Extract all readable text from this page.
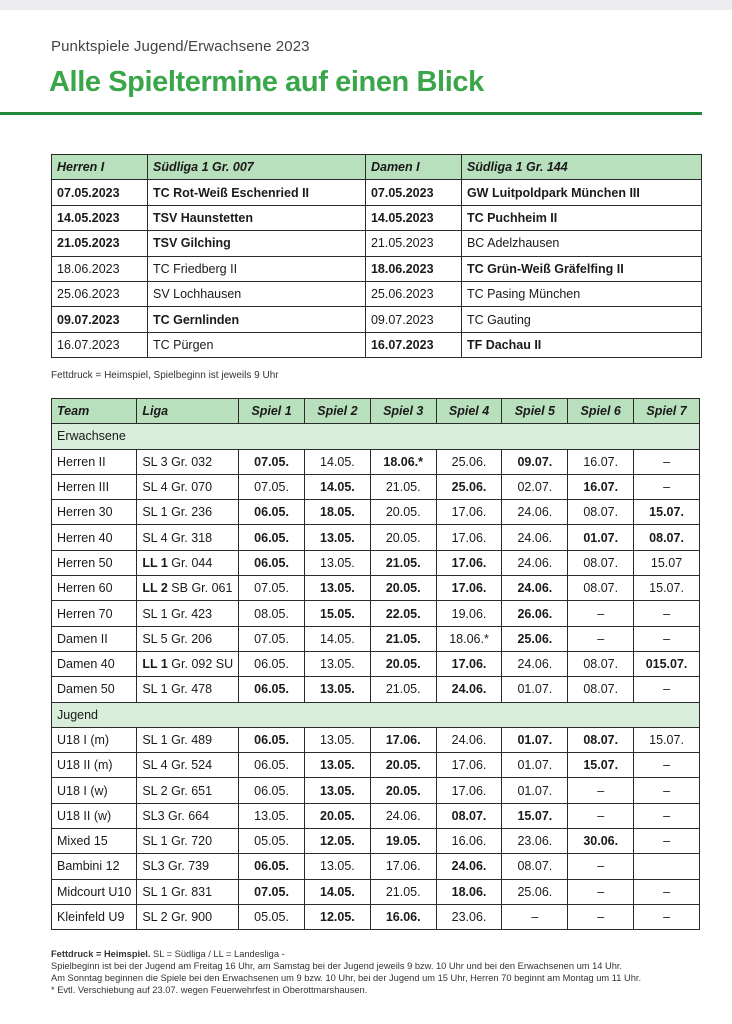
Punktspiele Jugend/Erwachsene 2023
Alle Spieltermine auf einen Blick
Herren I	Südliga 1 Gr. 007	Damen I	Südliga 1 Gr. 144
07.05.2023	TC Rot-Weiß Eschenried II	07.05.2023	GW Luitpoldpark München III
14.05.2023	TSV Haunstetten	14.05.2023	TC Puchheim II
21.05.2023	TSV Gilching	21.05.2023	BC Adelzhausen
18.06.2023	TC Friedberg II	18.06.2023	TC Grün-Weiß Gräfelfing II
25.06.2023	SV Lochhausen	25.06.2023	TC Pasing München
09.07.2023	TC Gernlinden	09.07.2023	TC Gauting
16.07.2023	TC Pürgen	16.07.2023	TF Dachau II
Fettdruck = Heimspiel, Spielbeginn ist jeweils 9 Uhr
Team	Liga	Spiel 1	Spiel 2	Spiel 3	Spiel 4	Spiel 5	Spiel 6	Spiel 7
Erwachsene								
Herren II	SL 3 Gr. 032	07.05.	14.05.	18.06.*	25.06.	09.07.	16.07.	–
Herren III	SL 4 Gr. 070	07.05.	14.05.	21.05.	25.06.	02.07.	16.07.	–
Herren 30	SL 1 Gr. 236	06.05.	18.05.	20.05.	17.06.	24.06.	08.07.	15.07.
Herren 40	SL 4 Gr. 318	06.05.	13.05.	20.05.	17.06.	24.06.	01.07.	08.07.
Herren 50	LL 1 Gr. 044	06.05.	13.05.	21.05.	17.06.	24.06.	08.07.	15.07
Herren 60	LL 2 SB Gr. 061	07.05.	13.05.	20.05.	17.06.	24.06.	08.07.	15.07.
Herren 70	SL 1 Gr. 423	08.05.	15.05.	22.05.	19.06.	26.06.	–	–
Damen II	SL 5 Gr. 206	07.05.	14.05.	21.05.	18.06.*	25.06.	–	–
Damen 40	LL 1 Gr. 092 SU	06.05.	13.05.	20.05.	17.06.	24.06.	08.07.	015.07.
Damen 50	SL 1 Gr. 478	06.05.	13.05.	21.05.	24.06.	01.07.	08.07.	–
Jugend								
U18 I (m)	SL 1 Gr. 489	06.05.	13.05.	17.06.	24.06.	01.07.	08.07.	15.07.
U18 II (m)	SL 4 Gr. 524	06.05.	13.05.	20.05.	17.06.	01.07.	15.07.	–
U18 I (w)	SL 2 Gr. 651	06.05.	13.05.	20.05.	17.06.	01.07.	–	–
U18 II (w)	SL3 Gr. 664	13.05.	20.05.	24.06.	08.07.	15.07.	–	–
Mixed 15	SL 1 Gr. 720	05.05.	12.05.	19.05.	16.06.	23.06.	30.06.	–
Bambini 12	SL3 Gr. 739	06.05.	13.05.	17.06.	24.06.	08.07.	–	
Midcourt U10	SL 1 Gr. 831	07.05.	14.05.	21.05.	18.06.	25.06.	–	–
Kleinfeld U9	SL 2 Gr. 900	05.05.	12.05.	16.06.	23.06.	–	–	–
Fettdruck = Heimspiel. SL = Südliga / LL = Landesliga -
Spielbeginn ist bei der Jugend am Freitag 16 Uhr, am Samstag bei der Jugend jeweils 9 bzw. 10 Uhr und bei den Erwachsenen um 14 Uhr.
Am Sonntag beginnen die Spiele bei den Erwachsenen um 9 bzw. 10 Uhr, bei der Jugend um 15 Uhr, Herren 70 beginnt am Montag um 11 Uhr.
* Evtl. Verschiebung auf 23.07. wegen Feuerwehrfest in Oberottmarshausen.
